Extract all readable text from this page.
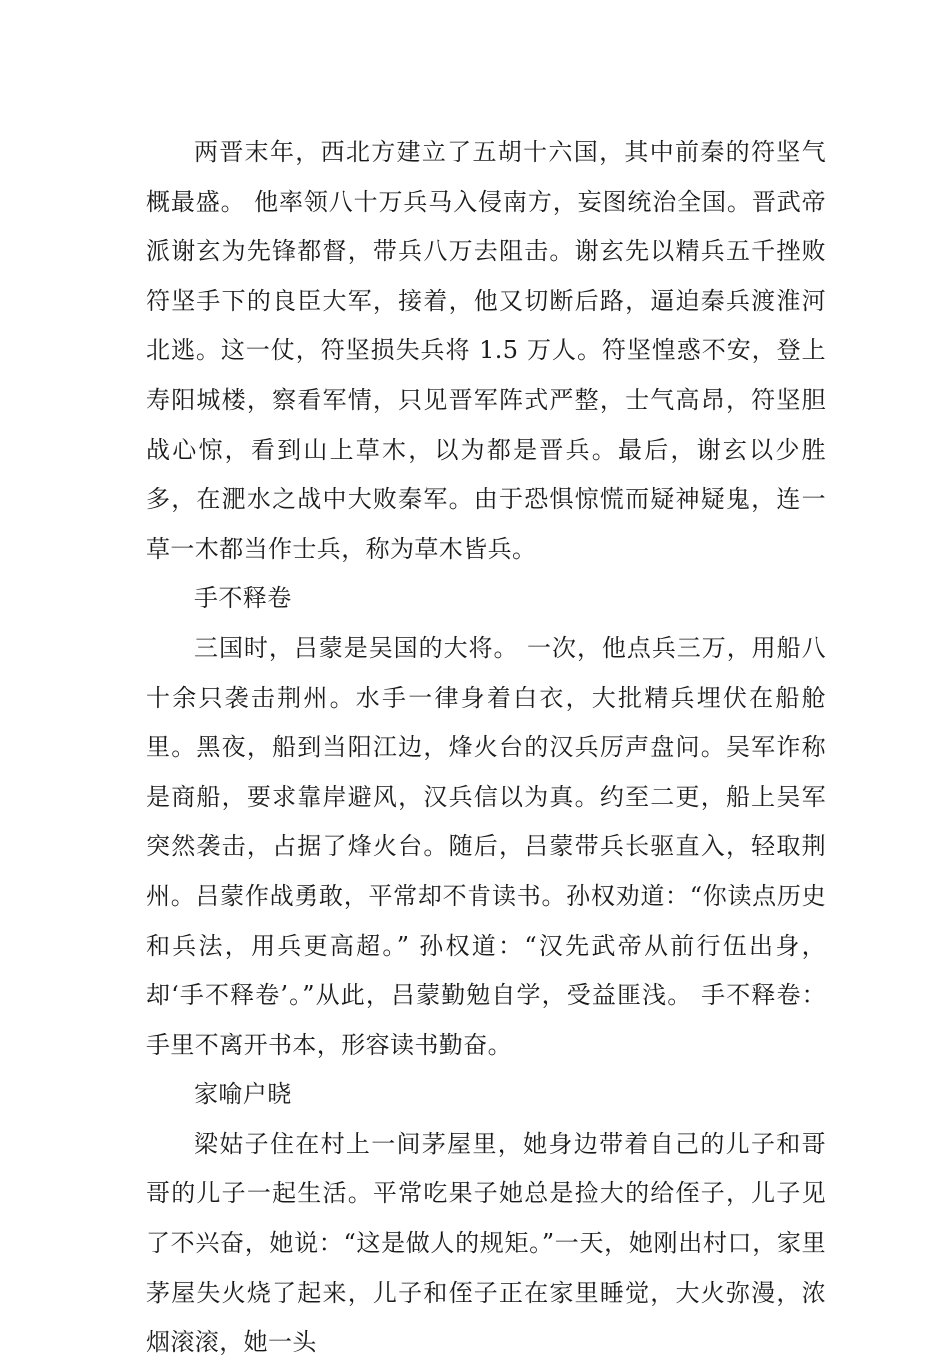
两晋末年，西北方建立了五胡十六国，其中前秦的符坚气概最盛。 他率领八十万兵马入侵南方，妄图统治全国。晋武帝派谢玄为先锋都督，带兵八万去阻击。谢玄先以精兵五千挫败符坚手下的良臣大军，接着，他又切断后路，逼迫秦兵渡淮河北逃。这一仗，符坚损失兵将 1.5 万人。符坚惶惑不安，登上寿阳城楼，察看军情，只见晋军阵式严整，士气高昂，符坚胆战心惊，看到山上草木，以为都是晋兵。最后，谢玄以少胜多，在淝水之战中大败秦军。由于恐惧惊慌而疑神疑鬼，连一草一木都当作士兵，称为草木皆兵。

手不释卷

三国时，吕蒙是吴国的大将。 一次，他点兵三万，用船八十余只袭击荆州。水手一律身着白衣，大批精兵埋伏在船舱里。黑夜，船到当阳江边，烽火台的汉兵厉声盘问。吴军诈称是商船，要求靠岸避风，汉兵信以为真。约至二更，船上吴军突然袭击，占据了烽火台。随后，吕蒙带兵长驱直入，轻取荆州。吕蒙作战勇敢，平常却不肯读书。孙权劝道：“你读点历史和兵法，用兵更高超。” 孙权道：“汉先武帝从前行伍出身，却‘手不释卷’。”从此，吕蒙勤勉自学，受益匪浅。 手不释卷：手里不离开书本，形容读书勤奋。

家喻户晓

梁姑子住在村上一间茅屋里，她身边带着自己的儿子和哥哥的儿子一起生活。平常吃果子她总是捡大的给侄子，儿子见了不兴奋，她说：“这是做人的规矩。”一天，她刚出村口，家里茅屋失火烧了起来，儿子和侄子正在家里睡觉，大火弥漫，浓烟滚滚，她一头
